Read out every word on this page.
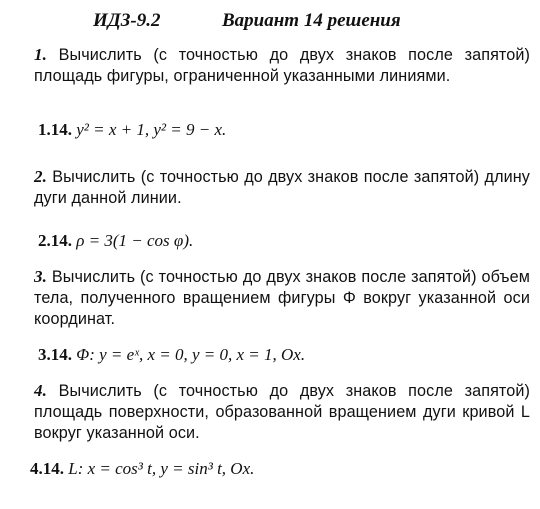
ИДЗ-9.2	Вариант 14 решения
1. Вычислить (с точностью до двух знаков после запятой) площадь фигуры, ограниченной указанными линиями.
1.14. y² = x + 1, y² = 9 − x.
2. Вычислить (с точностью до двух знаков после запятой) длину дуги данной линии.
2.14. ρ = 3(1 − cos φ).
3. Вычислить (с точностью до двух знаков после запятой) объем тела, полученного вращением фигуры Φ вокруг указанной оси координат.
3.14. Φ: y = eˣ, x = 0, y = 0, x = 1, Ox.
4. Вычислить (с точностью до двух знаков после запятой) площадь поверхности, образованной вращением дуги кривой L вокруг указанной оси.
4.14. L: x = cos³ t, y = sin³ t, Ox.
